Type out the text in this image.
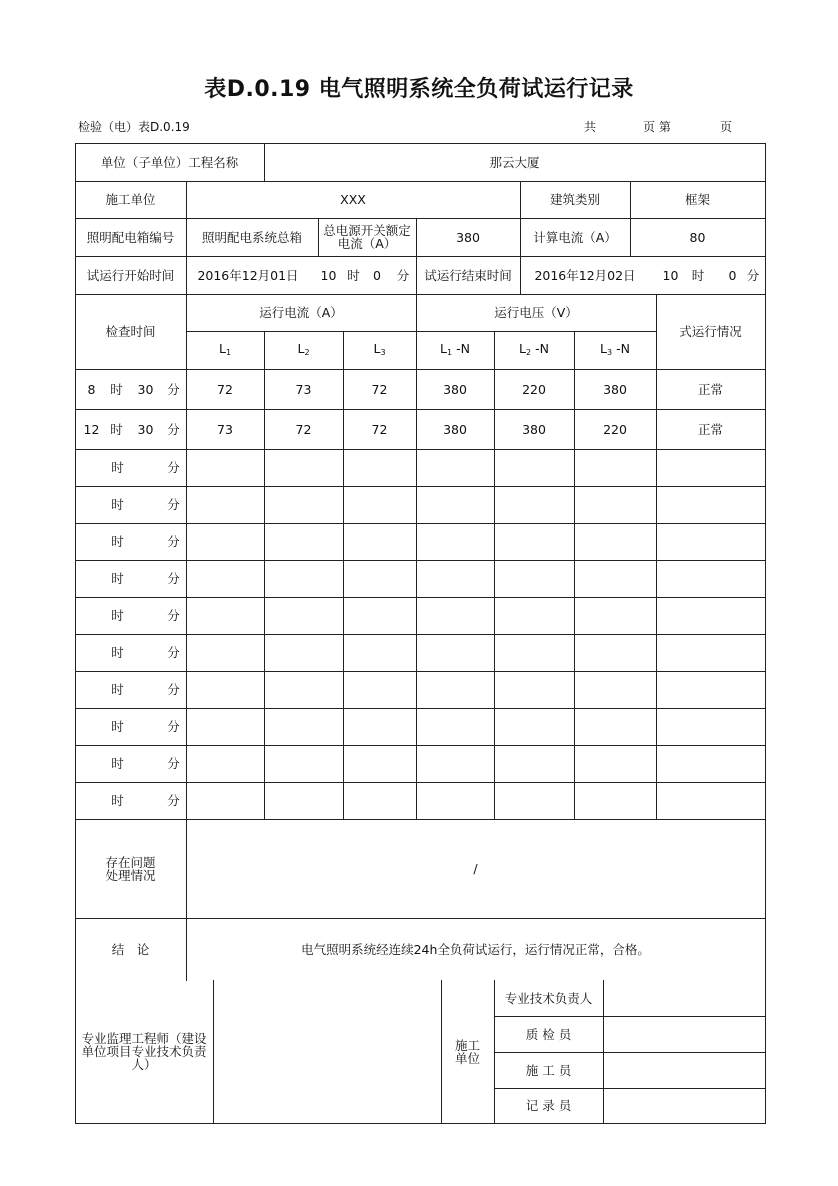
表D.0.19 电气照明系统全负荷试运行记录
检验（电）表D.0.19	共	页 第	页
单位（子单位）工程名称	那云大厦
施工单位	XXX	建筑类别	框架
照明配电箱编号	照明配电系统总箱	总电源开关额定电流（A）	380	计算电流（A）	80
试运行开始时间	2016年12月01日	10 时	0	分	试运行结束时间	2016年12月02日	10	时	0 分
检查时间
运行电流（A）	运行电压（V）
式运行情况
$L_1$	$L_2$	$L_3$	$L_1$ -N	$L_2$ -N	$L_3$ -N
8	时	30	分	72	73	72	380	220	380	正常
12 时	30	分	73	72	72	380	380	220	正常
时	分
时	分
时	分
时	分
时	分
时	分
时	分
时	分
时	分
时	分
存在问题处理情况	/
结　论	电气照明系统经连续24h全负荷试运行，运行情况正常，合格。
专业监理工程师（建设单位项目专业技术负责人）
施工单位
专业技术负责人
质 检 员
施 工 员
记 录 员
